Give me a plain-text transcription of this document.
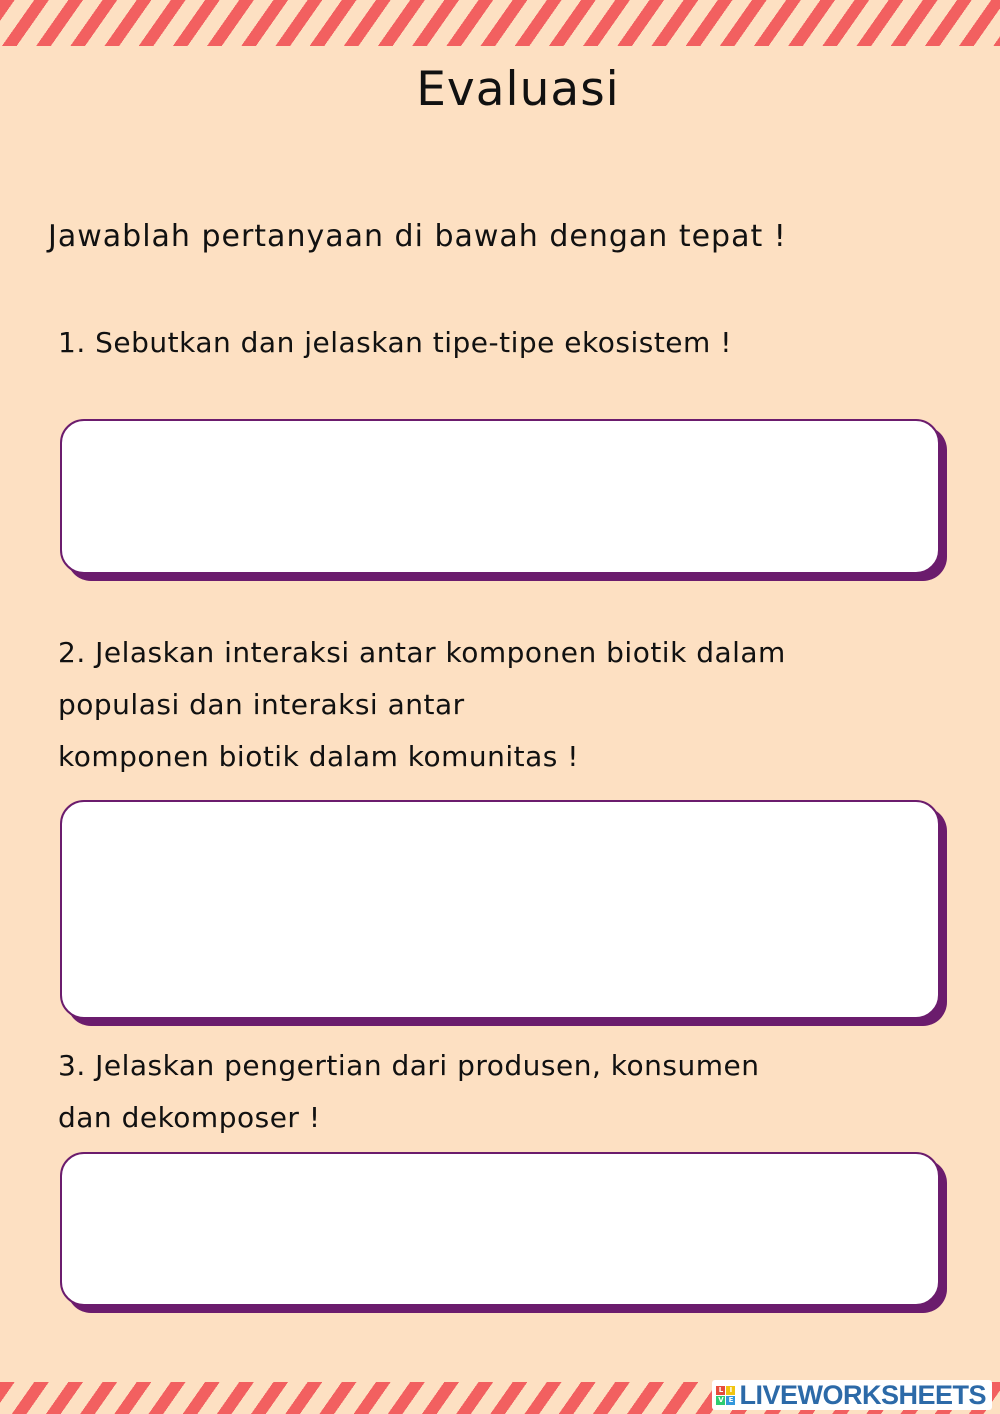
Evaluasi

Jawablah pertanyaan di bawah dengan tepat !

1. Sebutkan dan jelaskan tipe-tipe ekosistem !
2. Jelaskan interaksi antar komponen biotik dalam
populasi dan interaksi antar
komponen biotik dalam komunitas !
3. Jelaskan pengertian dari produsen, konsumen
dan dekomposer !
L I
V E LIVEWORKSHEETS
